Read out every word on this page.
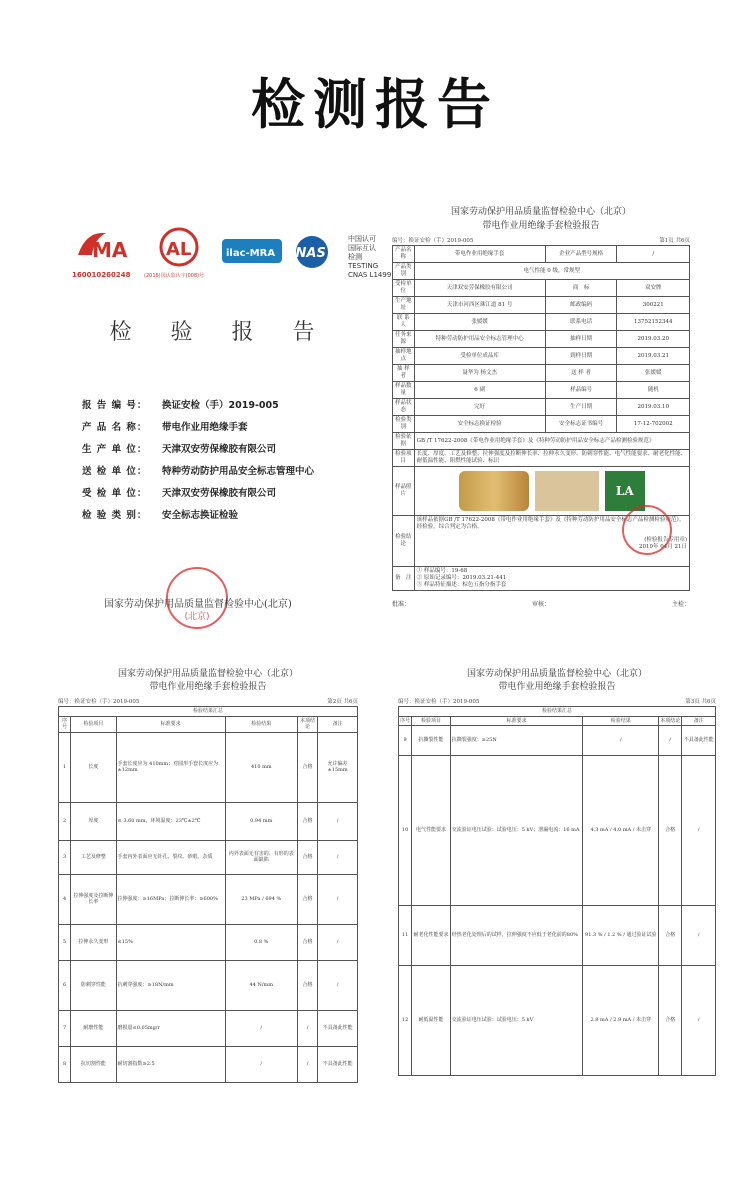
检测报告
MA
160010260248
AL
(2016)国认监认字(008)号
ilac-MRA CNAS
中国认可
国际互认
检测
TESTING
CNAS L1499
检 验 报 告
报 告 编 号： 换证安检（手）2019-005
产 品 名 称： 带电作业用绝缘手套
生 产 单 位： 天津双安劳保橡胶有限公司
送 检 单 位： 特种劳动防护用品安全标志管理中心
受 检 单 位： 天津双安劳保橡胶有限公司
检 验 类 别： 安全标志换证检验
(北京)
国家劳动保护用品质量监督检验中心(北京)
国家劳动保护用品质量监督检验中心（北京）
带电作业用绝缘手套检验报告
编号：换证安检（手）2019-005	第1页 共6页
产品名称	带电作业用绝缘手套	企业产品型号规格	/
产品类别	电气性能 0 级，常规型		
受检单位	天津双安劳保橡胶有限公司	商　标	双安牌
生产地址	天津市河西区珠江道 81 号	邮政编码	300221
联 系 人	张媛媛	联系电话	13752152344
任务来源	特种劳动防护用品安全标志管理中心	抽样日期	2019.03.20
抽样地点	受检单位成品库	到样日期	2019.03.21
抽 样 者	聂华为 杨文杰	送 样 者	张媛媛
样品数量	6 副	样品编号	随机
样品状态	完好	生产日期	2019.03.10
检验类别	安全标志换证检验	安全标志证书编号	17-12-702002
检验依据	GB /T 17622-2008《带电作业用绝缘手套》及《特种劳动防护用品安全标志产品检测检验规范》		
检验项目	长度、厚度、工艺及修整、拉伸强度及拉断伸长率、拉伸永久变形、防刺穿性能、电气性能要求、耐老化性能、耐低温性能、阻燃性能试验、标识		
样品照片	LA		

检验结论	该样品依据GB /T 17622-2008《带电作业用绝缘手套》及《特种劳动防护用品安全标志产品检测检验规范》，经检验，综合判定为合格。
(检验报告专用章)
2019年 04月 21日		

备　注	① 样品编号：19-68
② 原始记录编号：2019.03.21-441
③ 样品特征描述：棕色五指分指手套		
批准：	审核：	主检：
国家劳动保护用品质量监督检验中心（北京）
带电作业用绝缘手套检验报告
编号：换证安检（手）2019-005	第2页 共6页
检验结果汇总					
序号	检验项目	标准要求	检验结果	本项结论	备注
1	长度	手套长度应为 410mm；对圆形手套长度应为 ±12mm	410 mm	合格	允许偏差±15mm
2	厚度	≤ 3.60 mm，环境温度：23℃±2℃	0.94 mm	合格	/
3	工艺及修整	手套内外表面应无针孔、裂纹、砂眼、杂质	内外表面无有害的、有形的表面缺陷	合格	/
4	拉伸强度及拉断伸长率	拉伸强度：≥16MPa；拉断伸长率：≥600%	23 MPa / 694 %	合格	/
5	拉伸永久变形	≤15%	0.8 %	合格	/
6	防刺穿性能	抗刺穿强度：≥18N/mm	44 N/mm	合格	/
7	耐磨性能	磨损量≤0.05mg/r	/	/	不具备此性能
8	抗切割性能	耐切割指数≥2.5	/	/	不具备此性能
国家劳动保护用品质量监督检验中心（北京）
带电作业用绝缘手套检验报告
编号：换证安检（手）2019-005	第3页 共6页
检验结果汇总					
序号	检验项目	标准要求	检验结果	本项结论	备注
9	抗撕裂性能	抗撕裂强度：≥25N	/	/	不具备此性能
10	电气性能要求	交流验证电压试验：试验电压：5 kV；泄漏电流：16 mA	4.3 mA / 4.0 mA / 未击穿	合格	/
11	耐老化性能要求	经热老化处理后的试样，拉伸强度不应低于老化前的80%	91.3 % / 1.2 % / 通过验证试验	合格	/
12	耐低温性能	交流验证电压试验：试验电压：5 kV	2.8 mA / 2.9 mA / 未击穿	合格	/
